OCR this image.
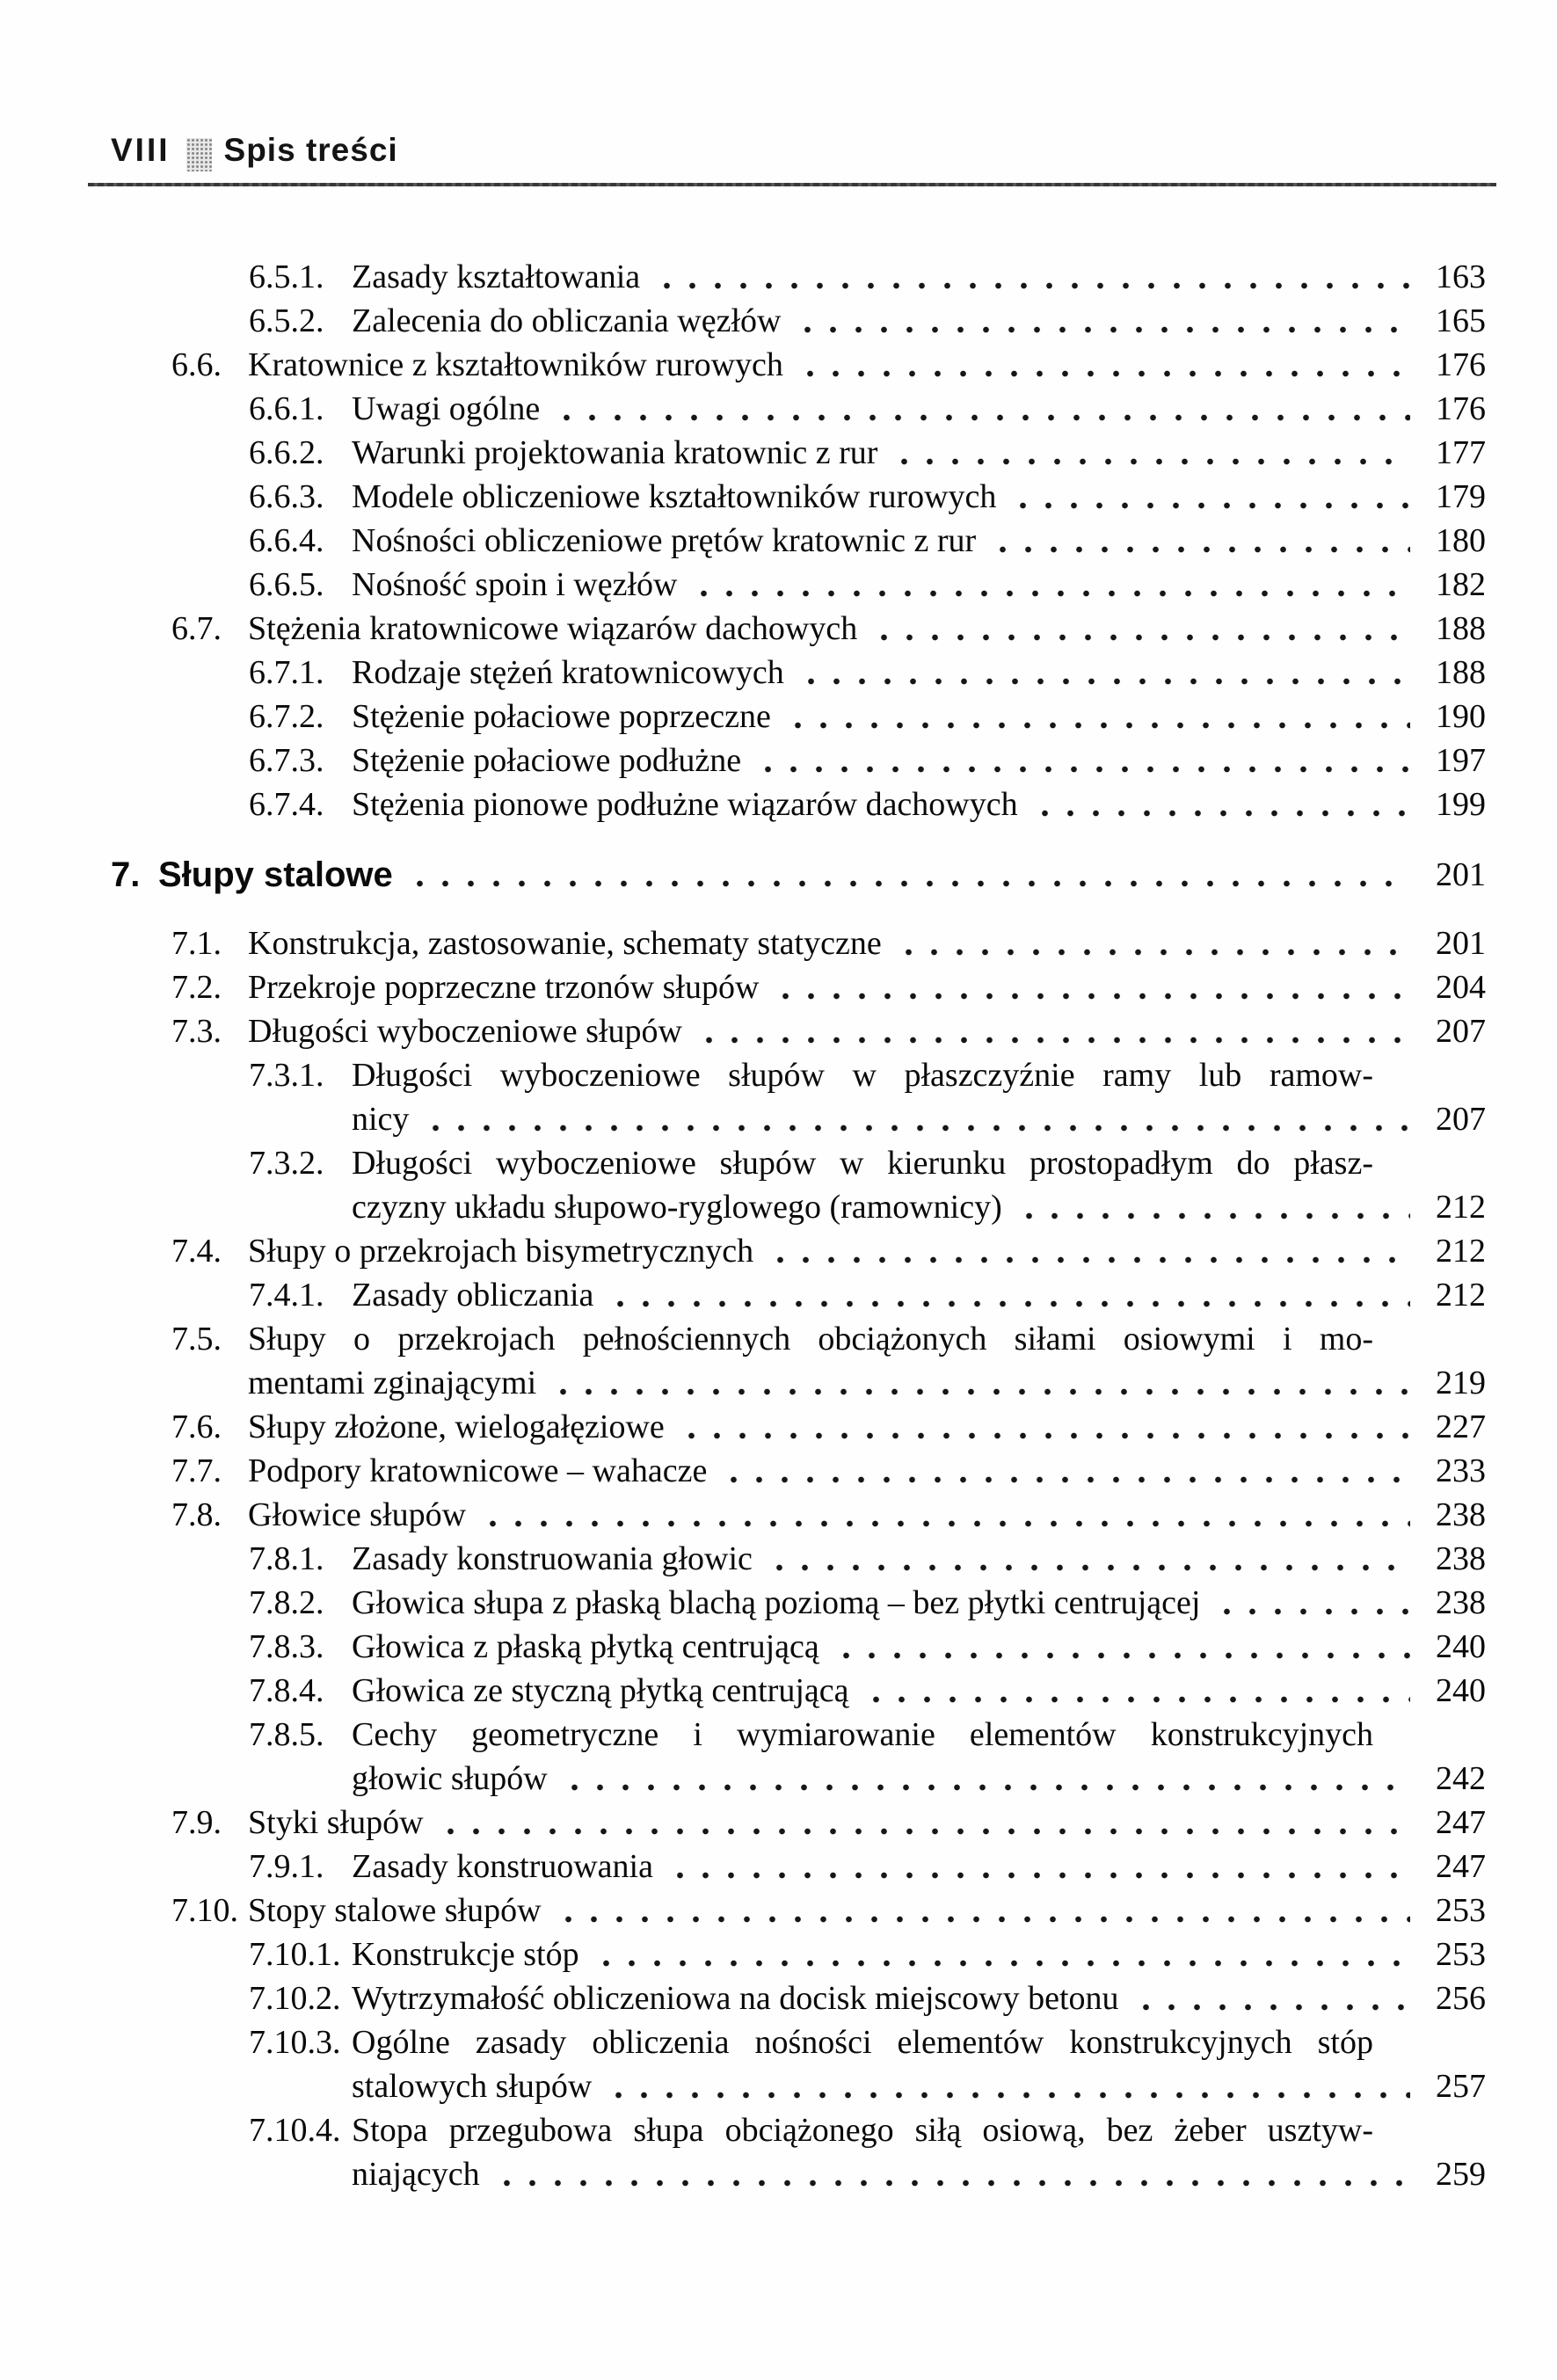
VIII Spis treści
6.5.1. Zasady kształtowania	163
6.5.2. Zalecenia do obliczania węzłów	165
6.6. Kratownice z kształtowników rurowych	176
6.6.1. Uwagi ogólne	176
6.6.2. Warunki projektowania kratownic z rur	177
6.6.3. Modele obliczeniowe kształtowników rurowych	179
6.6.4. Nośności obliczeniowe prętów kratownic z rur	180
6.6.5. Nośność spoin i węzłów	182
6.7. Stężenia kratownicowe wiązarów dachowych	188
6.7.1. Rodzaje stężeń kratownicowych	188
6.7.2. Stężenie połaciowe poprzeczne	190
6.7.3. Stężenie połaciowe podłużne	197
6.7.4. Stężenia pionowe podłużne wiązarów dachowych	199
7. Słupy stalowe	201
7.1. Konstrukcja, zastosowanie, schematy statyczne	201
7.2. Przekroje poprzeczne trzonów słupów	204
7.3. Długości wyboczeniowe słupów	207
7.3.1. Długości wyboczeniowe słupów w płaszczyźnie ramy lub ramow-
nicy	207
7.3.2. Długości wyboczeniowe słupów w kierunku prostopadłym do płasz-
czyzny układu słupowo-ryglowego (ramownicy)	212
7.4. Słupy o przekrojach bisymetrycznych	212
7.4.1. Zasady obliczania	212
7.5. Słupy o przekrojach pełnościennych obciążonych siłami osiowymi i mo-
mentami zginającymi	219
7.6. Słupy złożone, wielogałęziowe	227
7.7. Podpory kratownicowe – wahacze	233
7.8. Głowice słupów	238
7.8.1. Zasady konstruowania głowic	238
7.8.2. Głowica słupa z płaską blachą poziomą – bez płytki centrującej	238
7.8.3. Głowica z płaską płytką centrującą	240
7.8.4. Głowica ze styczną płytką centrującą	240
7.8.5. Cechy geometryczne i wymiarowanie elementów konstrukcyjnych
głowic słupów	242
7.9. Styki słupów	247
7.9.1. Zasady konstruowania	247
7.10. Stopy stalowe słupów	253
7.10.1. Konstrukcje stóp	253
7.10.2. Wytrzymałość obliczeniowa na docisk miejscowy betonu	256
7.10.3. Ogólne zasady obliczenia nośności elementów konstrukcyjnych stóp
stalowych słupów	257
7.10.4. Stopa przegubowa słupa obciążonego siłą osiową, bez żeber usztyw-
niających	259
